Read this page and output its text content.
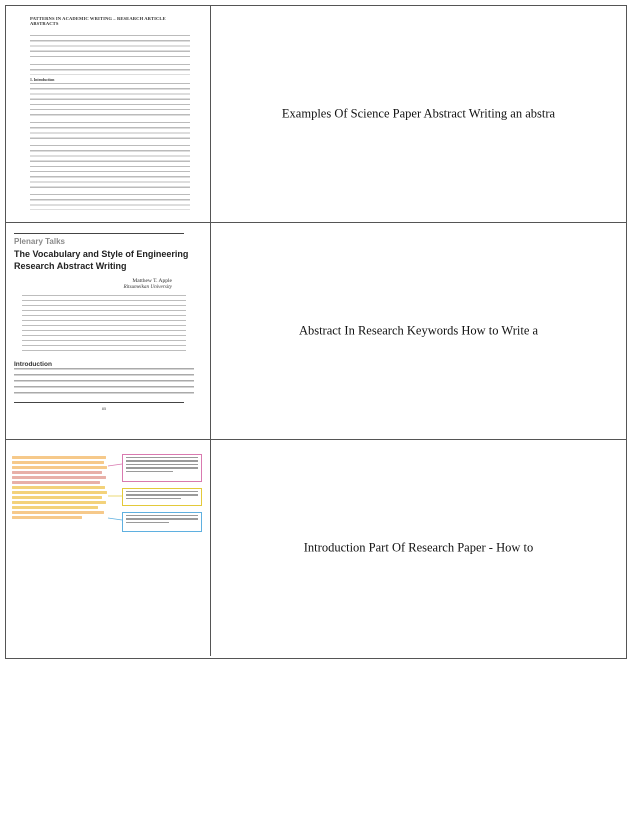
PATTERNS IN ACADEMIC WRITING – RESEARCH ARTICLE ABSTRACTS
1. Introduction
Examples Of Science Paper Abstract Writing an abstra
Plenary Talks
The Vocabulary and Style of Engineering Research Abstract Writing
Matthew T. Apple
Ritsumeikan University
Introduction
85
Abstract In Research Keywords How to Write a
Introduction Part Of Research Paper - How to
